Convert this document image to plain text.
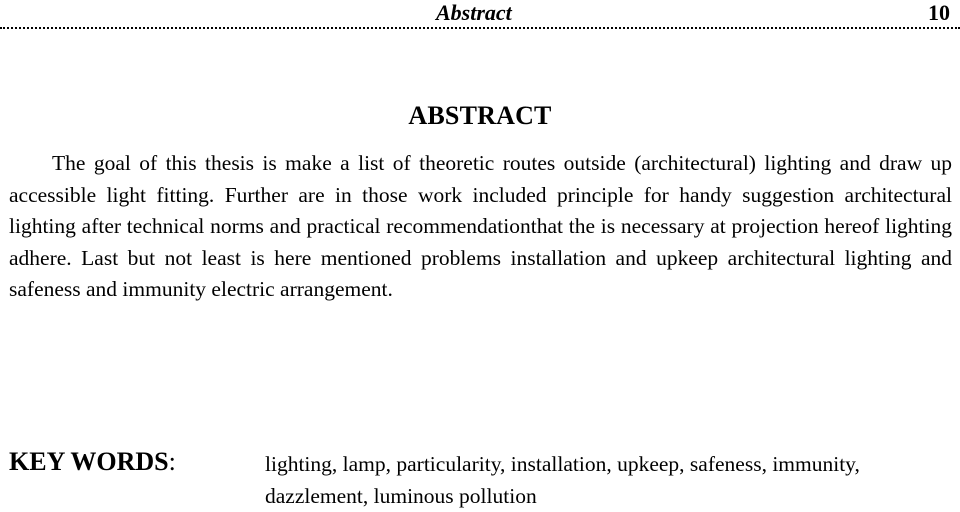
Abstract	10
ABSTRACT

The goal of this thesis is make a list of theoretic routes outside (architectural) lighting and draw up accessible light fitting. Further are in those work included principle for handy suggestion architectural lighting after technical norms and practical recommendationthat the is necessary at projection hereof lighting adhere. Last but not least is here mentioned problems installation and upkeep architectural lighting and safeness and immunity electric arrangement.

KEY WORDS:	lighting, lamp, particularity, installation, upkeep, safeness, immunity, dazzlement, luminous pollution
